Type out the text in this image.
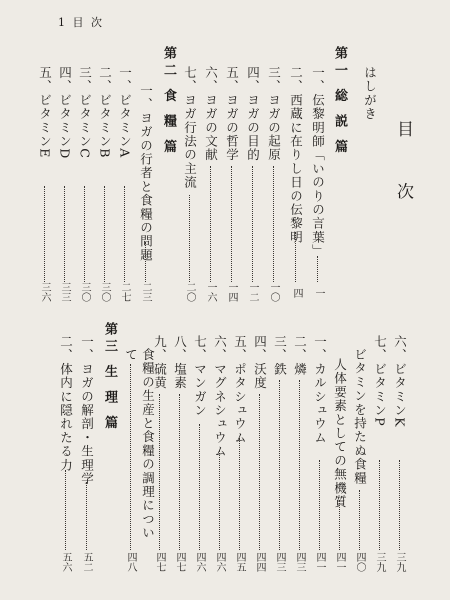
1 目 次
目 次
はしがき
第一 総 説 篇
一、伝黎明師「いのりの言葉」
一
二、西蔵に在りし日の伝黎明
四
三、ヨガの起原
一〇
四、ヨガの目的
一二
五、ヨガの哲学
一四
六、ヨガの文献
一六
七、ヨガ行法の主流
二〇
第二 食 糧 篇
一、ヨガの行者と食糧の問題
二三
一、ビタミンA
二七
二、ビタミンB
三〇
三、ビタミンC
三〇
四、ビタミンD
三三
五、ビタミンE
三六
六、ビタミンK
三九
七、ビタミンP
三九
ビタミンを持たぬ食糧
四〇
人体要素としての無機質
四一
一、カルシュウム
四一
二、燐
四三
三、鉄
四三
四、沃度
四四
五、ポタシュウム
四五
六、マグネシュウム
四六
七、マンガン
四六
八、塩素
四七
九、硫黄
四七
食糧の生産と食糧の調理につい
て
四八
第三 生 理 篇
一、ヨガの解剖・生理学
五二
二、体内に隠れたる力
五六
